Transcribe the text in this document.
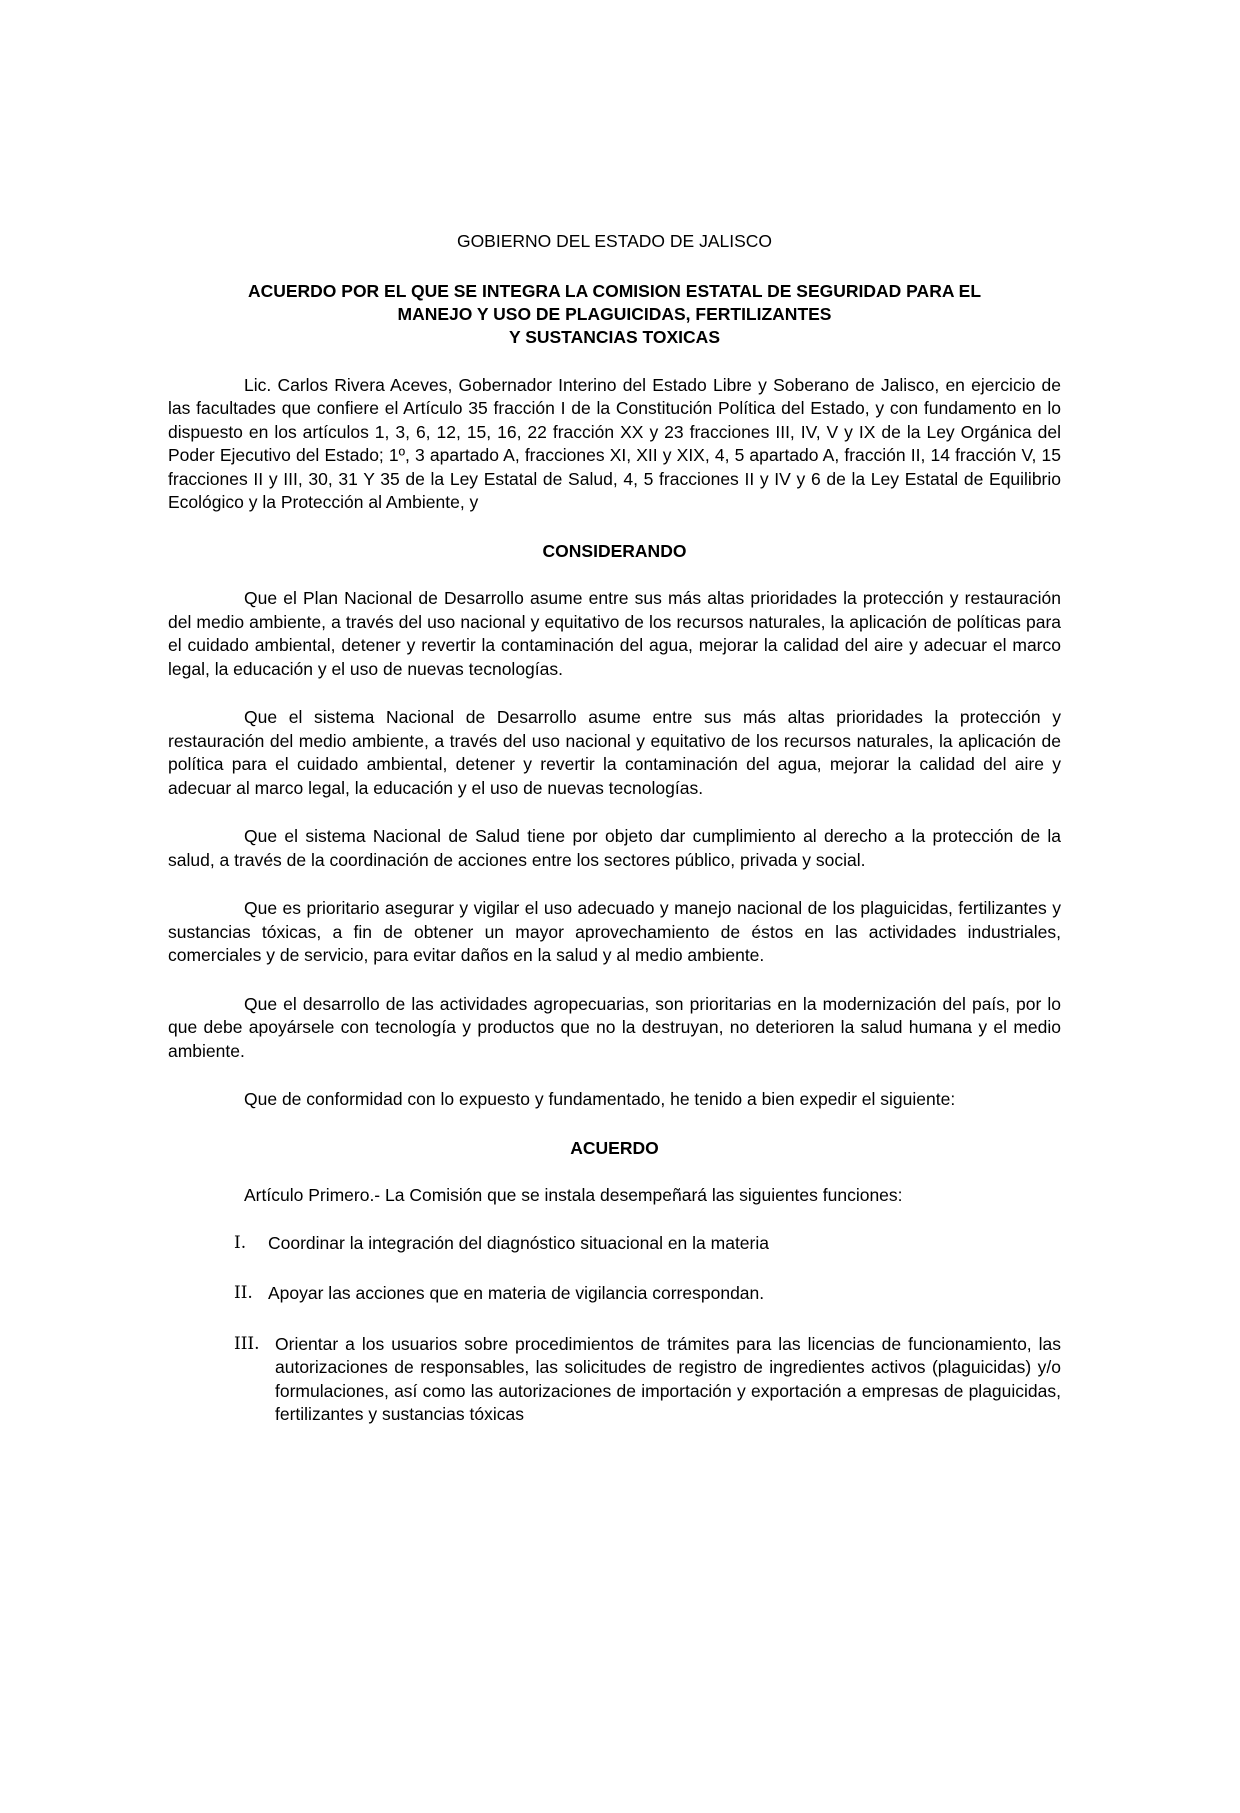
GOBIERNO DEL ESTADO DE JALISCO
ACUERDO POR EL QUE SE INTEGRA LA COMISION ESTATAL DE SEGURIDAD PARA EL
MANEJO Y USO DE PLAGUICIDAS, FERTILIZANTES
Y SUSTANCIAS TOXICAS

Lic. Carlos Rivera Aceves, Gobernador Interino del Estado Libre y Soberano de Jalisco, en ejercicio de las facultades que confiere el Artículo 35 fracción I de la Constitución Política del Estado, y con fundamento en lo dispuesto en los artículos 1, 3, 6, 12, 15, 16, 22 fracción XX y 23 fracciones III, IV, V y IX de la Ley Orgánica del Poder Ejecutivo del Estado; 1º, 3 apartado A, fracciones XI, XII y XIX, 4, 5 apartado A, fracción II, 14 fracción V, 15 fracciones II y III, 30, 31 Y 35 de la Ley Estatal de Salud, 4, 5 fracciones II y IV y 6 de la Ley Estatal de Equilibrio Ecológico y la Protección al Ambiente, y

CONSIDERANDO

Que el Plan Nacional de Desarrollo asume entre sus más altas prioridades la protección y restauración del medio ambiente, a través del uso nacional y equitativo de los recursos naturales, la aplicación de políticas para el cuidado ambiental, detener y revertir la contaminación del agua, mejorar la calidad del aire y adecuar el marco legal, la educación y el uso de nuevas tecnologías.

Que el sistema Nacional de Desarrollo asume entre sus más altas prioridades la protección y restauración del medio ambiente, a través del uso nacional y equitativo de los recursos naturales, la aplicación de política para el cuidado ambiental, detener y revertir la contaminación del agua, mejorar la calidad del aire y adecuar al marco legal, la educación y el uso de nuevas tecnologías.

Que el sistema Nacional de Salud tiene por objeto dar cumplimiento al derecho a la protección de la salud, a través de la coordinación de acciones entre los sectores público, privada y social.

Que es prioritario asegurar y vigilar el uso adecuado y manejo nacional de los plaguicidas, fertilizantes y sustancias tóxicas, a fin de obtener un mayor aprovechamiento de éstos en las actividades industriales, comerciales y de servicio, para evitar daños en la salud y al medio ambiente.

Que el desarrollo de las actividades agropecuarias, son prioritarias en la modernización del país, por lo que debe apoyársele con tecnología y productos que no la destruyan, no deterioren la salud humana y el medio ambiente.

Que de conformidad con lo expuesto y fundamentado, he tenido a bien expedir el siguiente:

ACUERDO
Artículo Primero.- La Comisión que se instala desempeñará las siguientes funciones:
I.	Coordinar la integración del diagnóstico situacional en la materia
II. Apoyar las acciones que en materia de vigilancia correspondan.
III. Orientar a los usuarios sobre procedimientos de trámites para las licencias de funcionamiento, las autorizaciones de responsables, las solicitudes de registro de ingredientes activos (plaguicidas) y/o formulaciones, así como las autorizaciones de importación y exportación a empresas de plaguicidas, fertilizantes y sustancias tóxicas
